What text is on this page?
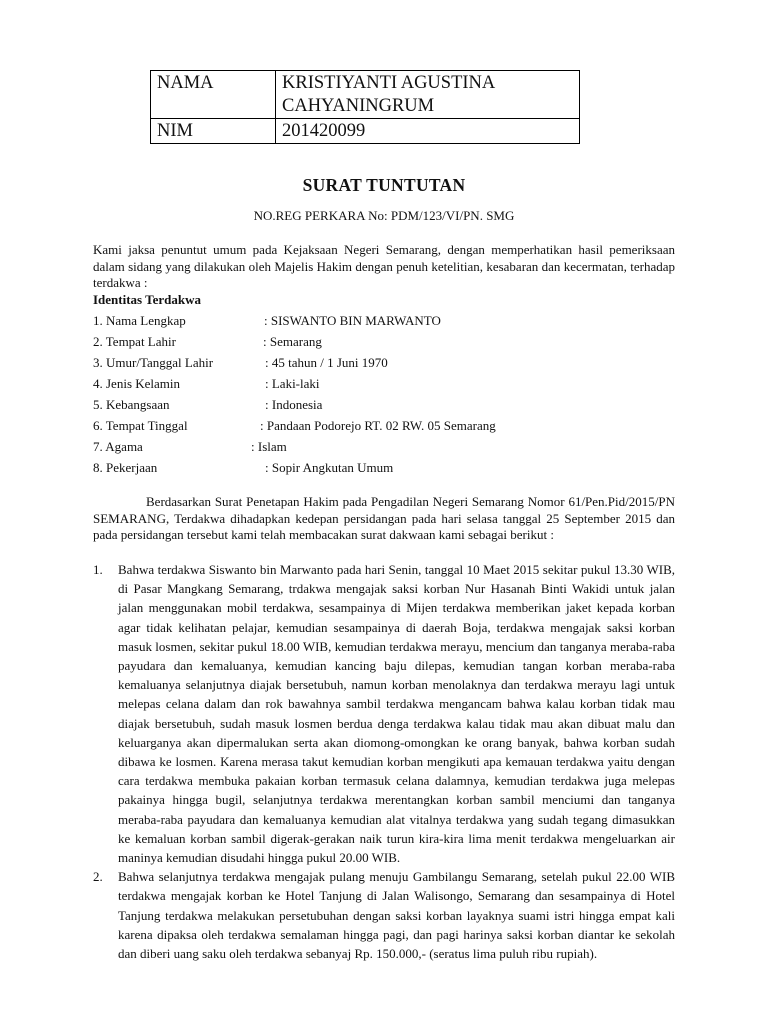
NAMA	KRISTIYANTI AGUSTINA CAHYANINGRUM
NIM	201420099
SURAT TUNTUTAN
NO.REG PERKARA No: PDM/123/VI/PN. SMG

Kami jaksa penuntut umum pada Kejaksaan Negeri Semarang, dengan memperhatikan hasil pemeriksaan dalam sidang yang dilakukan oleh Majelis Hakim dengan penuh ketelitian, kesabaran dan kecermatan, terhadap terdakwa :

Identitas Terdakwa
1. Nama Lengkap	: SISWANTO BIN MARWANTO
2. Tempat Lahir	: Semarang
3. Umur/Tanggal Lahir	: 45 tahun / 1 Juni 1970
4. Jenis Kelamin	: Laki-laki
5. Kebangsaan	: Indonesia
6. Tempat Tinggal	: Pandaan Podorejo RT. 02 RW. 05 Semarang
7. Agama	: Islam
8. Pekerjaan	: Sopir Angkutan Umum

Berdasarkan Surat Penetapan Hakim pada Pengadilan Negeri Semarang Nomor 61/Pen.Pid/2015/PN SEMARANG, Terdakwa dihadapkan kedepan persidangan pada hari selasa tanggal 25 September 2015 dan pada persidangan tersebut kami telah membacakan surat dakwaan kami sebagai berikut :

1. Bahwa terdakwa Siswanto bin Marwanto pada hari Senin, tanggal 10 Maet 2015 sekitar pukul 13.30 WIB, di Pasar Mangkang Semarang, trdakwa mengajak saksi korban Nur Hasanah Binti Wakidi untuk jalan jalan menggunakan mobil terdakwa, sesampainya di Mijen terdakwa memberikan jaket kepada korban agar tidak kelihatan pelajar, kemudian sesampainya di daerah Boja, terdakwa mengajak saksi korban masuk losmen, sekitar pukul 18.00 WIB, kemudian terdakwa merayu, mencium dan tanganya meraba-raba payudara dan kemaluanya, kemudian kancing baju dilepas, kemudian tangan korban meraba-raba kemaluanya selanjutnya diajak bersetubuh, namun korban menolaknya dan terdakwa merayu lagi untuk melepas celana dalam dan rok bawahnya sambil terdakwa mengancam bahwa kalau korban tidak mau diajak bersetubuh, sudah masuk losmen berdua denga terdakwa kalau tidak mau akan dibuat malu dan keluarganya akan dipermalukan serta akan diomong-omongkan ke orang banyak, bahwa korban sudah dibawa ke losmen. Karena merasa takut kemudian korban mengikuti apa kemauan terdakwa yaitu dengan cara terdakwa membuka pakaian korban termasuk celana dalamnya, kemudian terdakwa juga melepas pakainya hingga bugil, selanjutnya terdakwa merentangkan korban sambil menciumi dan tanganya meraba-raba payudara dan kemaluanya kemudian alat vitalnya terdakwa yang sudah tegang dimasukkan ke kemaluan korban sambil digerak-gerakan naik turun kira-kira lima menit terdakwa mengeluarkan air maninya kemudian disudahi hingga pukul 20.00 WIB.
2. Bahwa selanjutnya terdakwa mengajak pulang menuju Gambilangu Semarang, setelah pukul 22.00 WIB terdakwa mengajak korban ke Hotel Tanjung di Jalan Walisongo, Semarang dan sesampainya di Hotel Tanjung terdakwa melakukan persetubuhan dengan saksi korban layaknya suami istri hingga empat kali karena dipaksa oleh terdakwa semalaman hingga pagi, dan pagi harinya saksi korban diantar ke sekolah dan diberi uang saku oleh terdakwa sebanyaj Rp. 150.000,- (seratus lima puluh ribu rupiah).
